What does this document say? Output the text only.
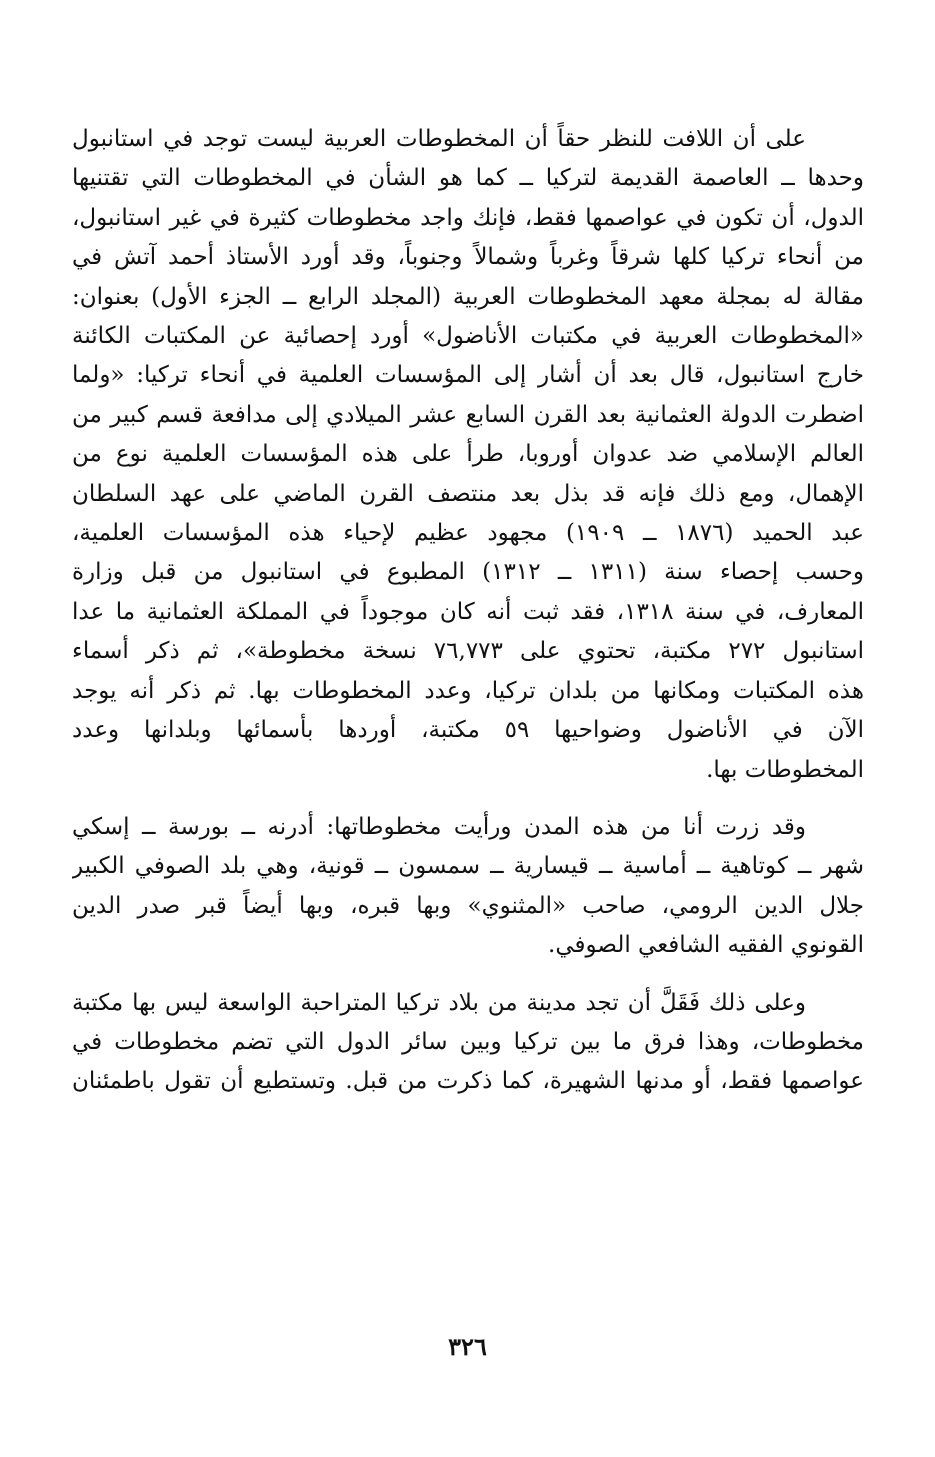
على أن اللافت للنظر حقاً أن المخطوطات العربية ليست توجد في استانبول
وحدها ــ العاصمة القديمة لتركيا ــ كما هو الشأن في المخطوطات التي تقتنيها
الدول، أن تكون في عواصمها فقط، فإنك واجد مخطوطات كثيرة في غير استانبول،
من أنحاء تركيا كلها شرقاً وغرباً وشمالاً وجنوباً، وقد أورد الأستاذ أحمد آتش في
مقالة له بمجلة معهد المخطوطات العربية (المجلد الرابع ــ الجزء الأول) بعنوان:
«المخطوطات العربية في مكتبات الأناضول» أورد إحصائية عن المكتبات الكائنة
خارج استانبول، قال بعد أن أشار إلى المؤسسات العلمية في أنحاء تركيا: «ولما
اضطرت الدولة العثمانية بعد القرن السابع عشر الميلادي إلى مدافعة قسم كبير من
العالم الإسلامي ضد عدوان أوروبا، طرأ على هذه المؤسسات العلمية نوع من
الإهمال، ومع ذلك فإنه قد بذل بعد منتصف القرن الماضي على عهد السلطان
عبد الحميد (١٨٧٦ ــ ١٩٠٩) مجهود عظيم لإحياء هذه المؤسسات العلمية،
وحسب إحصاء سنة (١٣١١ ــ ١٣١٢) المطبوع في استانبول من قبل وزارة
المعارف، في سنة ١٣١٨، فقد ثبت أنه كان موجوداً في المملكة العثمانية ما عدا
استانبول ٢٧٢ مكتبة، تحتوي على ٧٦,٧٧٣ نسخة مخطوطة»، ثم ذكر أسماء
هذه المكتبات ومكانها من بلدان تركيا، وعدد المخطوطات بها. ثم ذكر أنه يوجد
الآن في الأناضول وضواحيها ٥٩ مكتبة، أوردها بأسمائها وبلدانها وعدد
المخطوطات بها.

وقد زرت أنا من هذه المدن ورأيت مخطوطاتها: أدرنه ــ بورسة ــ إسكي
شهر ــ كوتاهية ــ أماسية ــ قيسارية ــ سمسون ــ قونية، وهي بلد الصوفي الكبير
جلال الدين الرومي، صاحب «المثنوي» وبها قبره، وبها أيضاً قبر صدر الدين
القونوي الفقيه الشافعي الصوفي.

وعلى ذلك فَقَلَّ أن تجد مدينة من بلاد تركيا المتراحبة الواسعة ليس بها مكتبة
مخطوطات، وهذا فرق ما بين تركيا وبين سائر الدول التي تضم مخطوطات في
عواصمها فقط، أو مدنها الشهيرة، كما ذكرت من قبل. وتستطيع أن تقول باطمئنان

٣٢٦
